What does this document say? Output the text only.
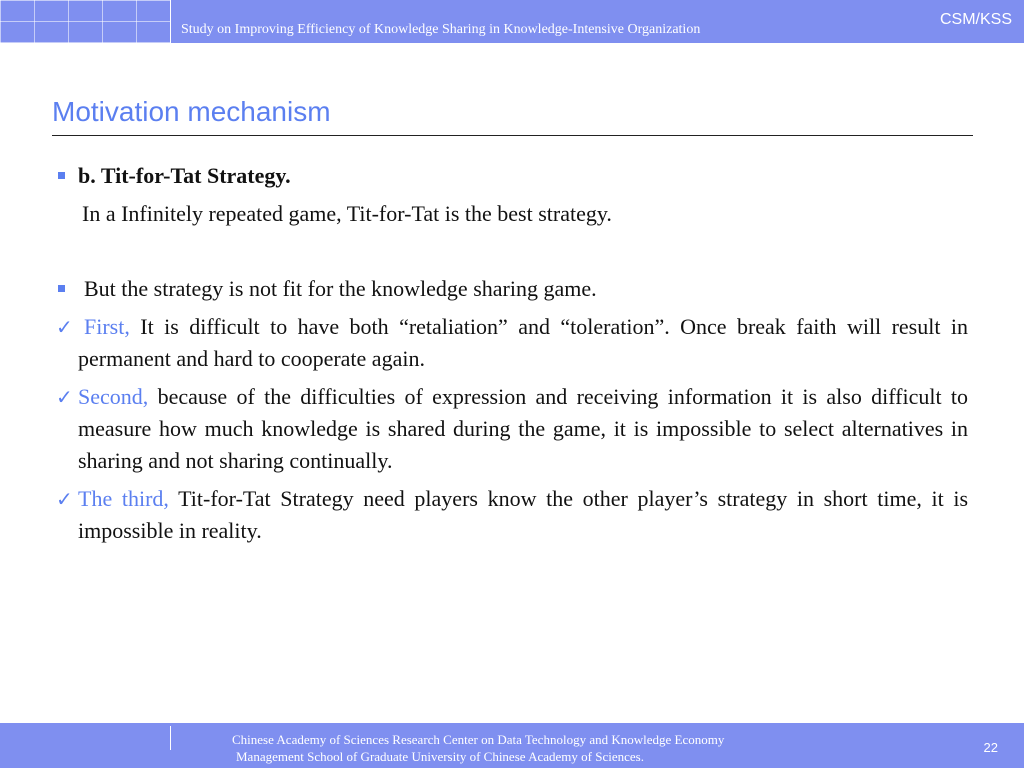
Study on Improving Efficiency of Knowledge Sharing in Knowledge-Intensive Organization
CSM/KSS
Motivation mechanism
b. Tit-for-Tat Strategy.
In a Infinitely repeated game, Tit-for-Tat is the best strategy.
But the strategy is not fit for the knowledge sharing game.
✓ First, It is difficult to have both “retaliation” and “toleration”. Once break faith will result in permanent and hard to cooperate again.
✓ Second, because of the difficulties of expression and receiving information it is also difficult to measure how much knowledge is shared during the game, it is impossible to select alternatives in sharing and not sharing continually.
✓ The third, Tit-for-Tat Strategy need players know the other player’s strategy in short time, it is impossible in reality.
Chinese Academy of Sciences Research Center on Data Technology and Knowledge Economy
Management School of Graduate University of Chinese Academy of Sciences.
22
